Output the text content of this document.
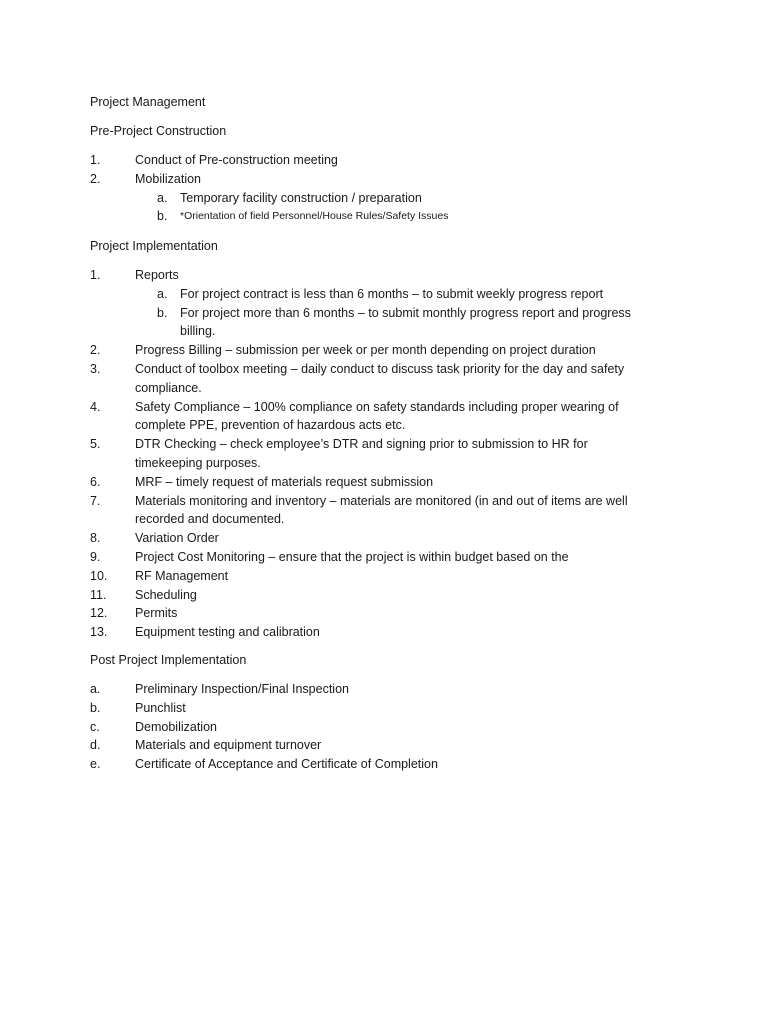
Project Management
Pre-Project Construction
1.	Conduct of Pre-construction meeting
2.	Mobilization
a.	Temporary facility construction / preparation
b.	*Orientation of field Personnel/House Rules/Safety Issues
Project Implementation
1.	Reports
a.	For project contract is less than 6 months – to submit weekly progress report
b.	For project more than 6 months – to submit monthly progress report and progress billing.
2.	Progress Billing – submission per week or per month depending on project duration
3.	Conduct of toolbox meeting – daily conduct to discuss task priority for the day and safety compliance.
4.	Safety Compliance – 100% compliance on safety standards including proper wearing of complete PPE, prevention of hazardous acts etc.
5.	DTR Checking – check employee’s DTR and signing prior to submission to HR for timekeeping purposes.
6.	MRF – timely request of materials request submission
7.	Materials monitoring and inventory – materials are monitored (in and out of items are well recorded and documented.
8.	Variation Order
9.	Project Cost Monitoring – ensure that the project is within budget based on the
10.	RF Management
11.	Scheduling
12.	Permits
13.	Equipment testing and calibration
Post Project Implementation
a.	Preliminary Inspection/Final Inspection
b.	Punchlist
c.	Demobilization
d.	Materials and equipment turnover
e.	Certificate of Acceptance and Certificate of Completion
